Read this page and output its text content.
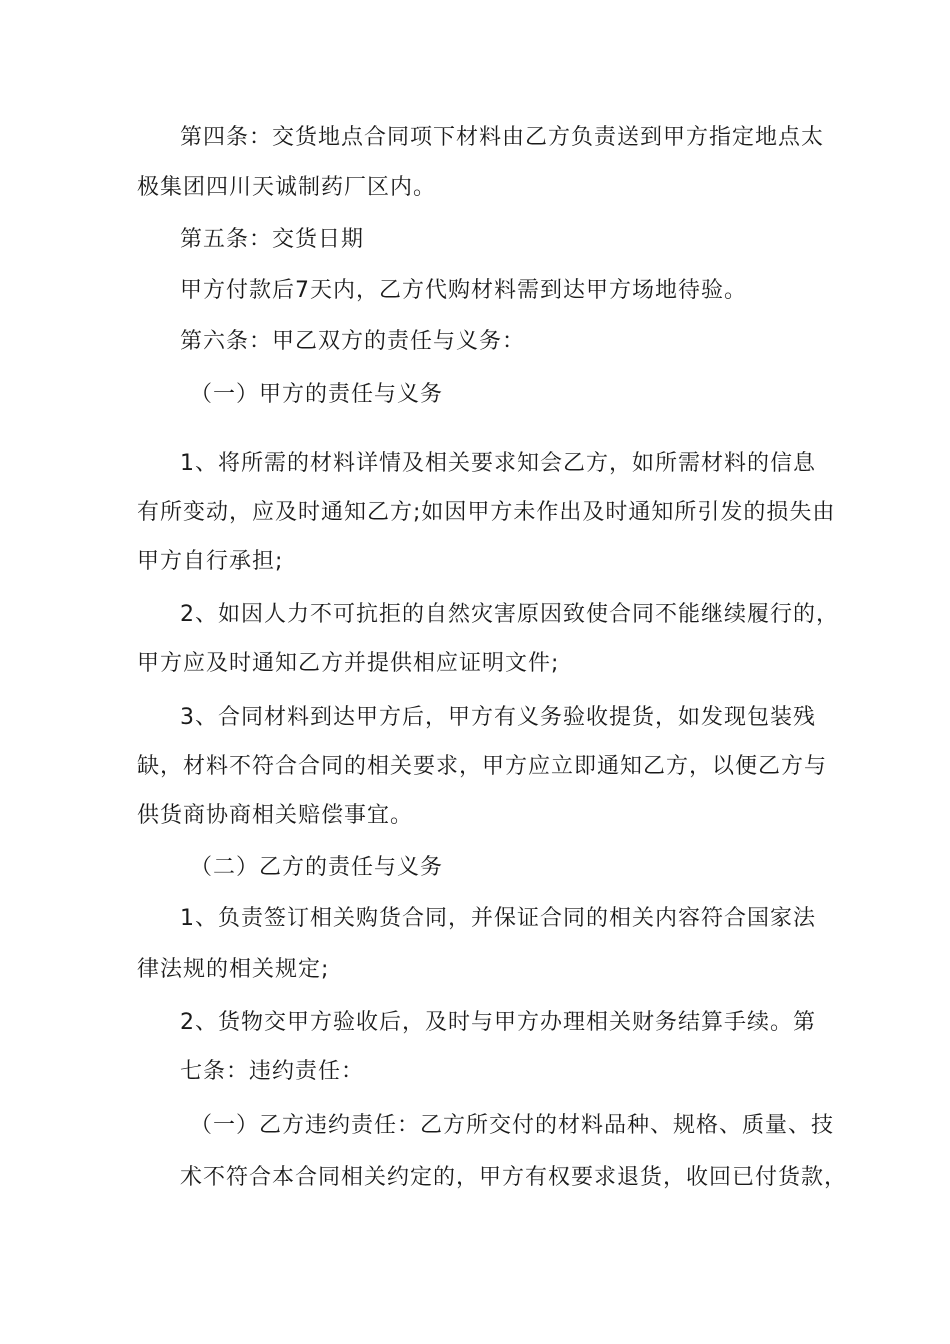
第四条：交货地点合同项下材料由乙方负责送到甲方指定地点太
极集团四川天诚制药厂区内。
第五条：交货日期
甲方付款后7天内，乙方代购材料需到达甲方场地待验。
第六条：甲乙双方的责任与义务：
（一）甲方的责任与义务
1、将所需的材料详情及相关要求知会乙方，如所需材料的信息
有所变动，应及时通知乙方;如因甲方未作出及时通知所引发的损失由
甲方自行承担;
2、如因人力不可抗拒的自然灾害原因致使合同不能继续履行的，
甲方应及时通知乙方并提供相应证明文件;
3、合同材料到达甲方后，甲方有义务验收提货，如发现包装残
缺，材料不符合合同的相关要求，甲方应立即通知乙方，以便乙方与
供货商协商相关赔偿事宜。
（二）乙方的责任与义务
1、负责签订相关购货合同，并保证合同的相关内容符合国家法
律法规的相关规定;
2、货物交甲方验收后，及时与甲方办理相关财务结算手续。第
七条：违约责任：
（一）乙方违约责任：乙方所交付的材料品种、规格、质量、技
术不符合本合同相关约定的，甲方有权要求退货，收回已付货款，
